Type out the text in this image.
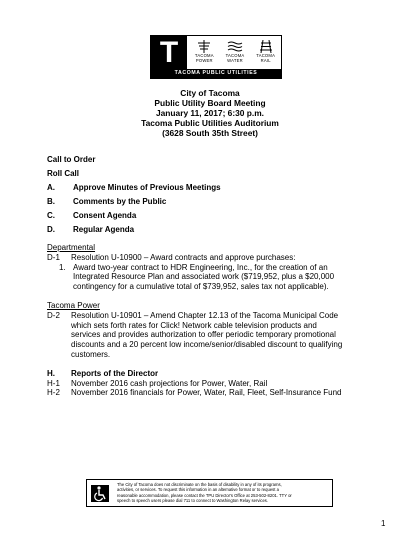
T	TACOMA
POWER
TACOMA
WATER
TACOMA
RAIL
TACOMA PUBLIC UTILITIES
City of Tacoma
Public Utility Board Meeting
January 11, 2017; 6:30 p.m.
Tacoma Public Utilities Auditorium
(3628 South 35th Street)
Call to Order
Roll Call
A.	Approve Minutes of Previous Meetings
B.	Comments by the Public
C.	Consent Agenda
D.	Regular Agenda
Departmental
D-1	Resolution U-10900 – Award contracts and approve purchases:
1. Award two-year contract to HDR Engineering, Inc., for the creation of an
Integrated Resource Plan and associated work ($719,952, plus a $20,000
contingency for a cumulative total of $739,952, sales tax not applicable).
Tacoma Power
D-2	Resolution U-10901 – Amend Chapter 12.13 of the Tacoma Municipal Code
which sets forth rates for Click! Network cable television products and
services and provides authorization to offer periodic temporary promotional
discounts and a 20 percent low income/senior/disabled discount to qualifying
customers.
H.	Reports of the Director
H-1	November 2016 cash projections for Power, Water, Rail
H-2	November 2016 financials for Power, Water, Rail, Fleet, Self-Insurance Fund
The City of Tacoma does not discriminate on the basis of disability in any of its programs,
activities, or services. To request this information in an alternative format or to request a
reasonable accommodation, please contact the TPU Director's Office at 253-502-8201. TTY or
speech to speech users please dial 711 to connect to Washington Relay services.
1
